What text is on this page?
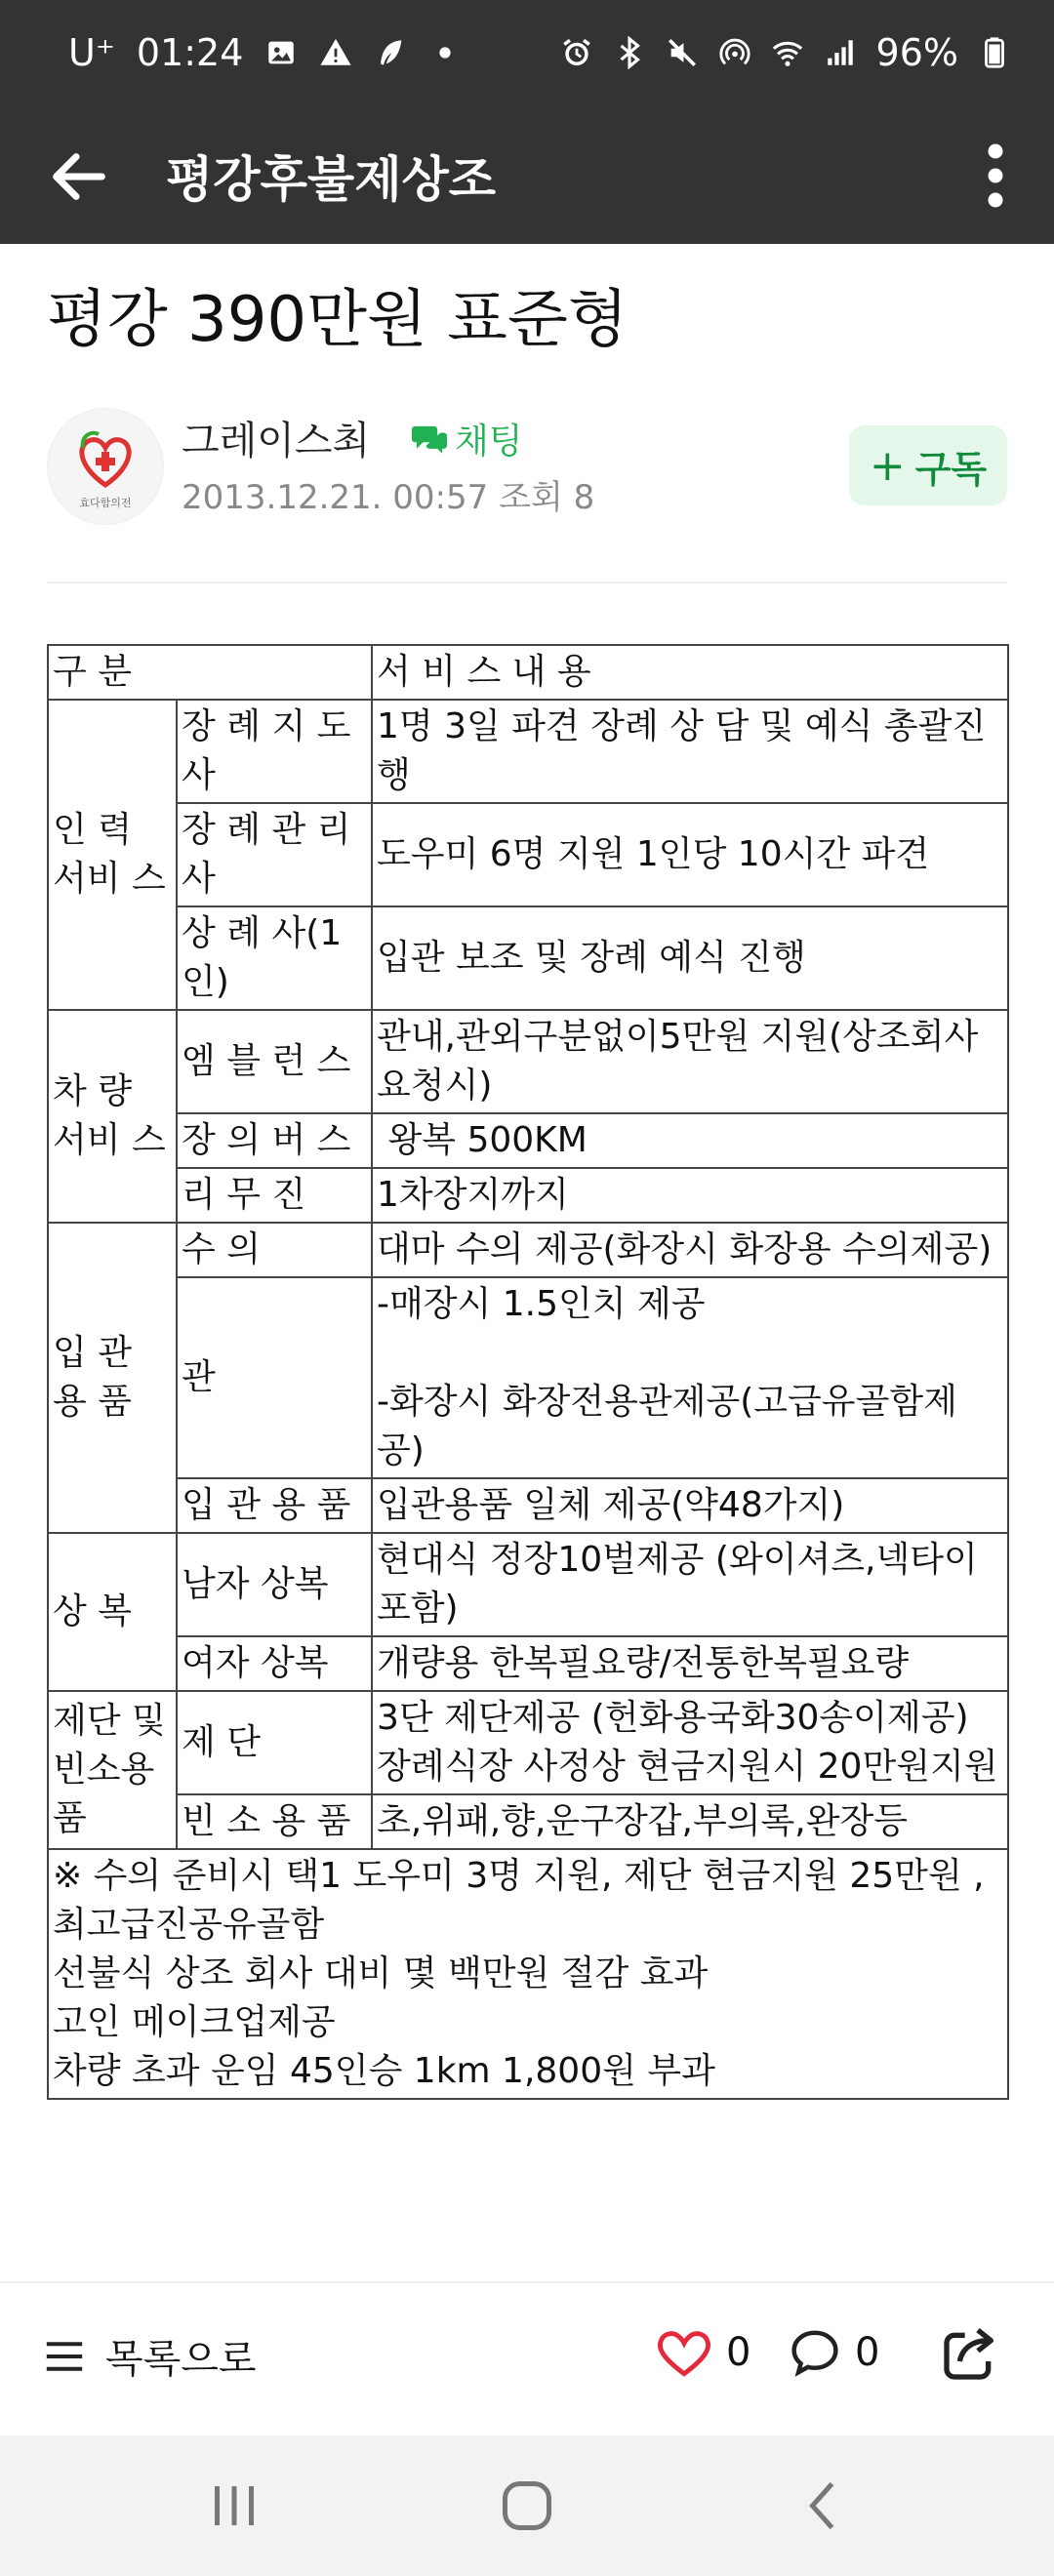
U⁺ 01:24	96%
평강후불제상조
평강 390만원 표준형
효다함의전
그레이스최 채팅
2013.12.21. 00:57 조회 8
+ 구독
구 분		서 비 스 내 용
인 력 서비 스	장 례 지 도 사	1명 3일 파견 장례 상 담 및 예식 총괄진행
	장 례 관 리 사	도우미 6명 지원 1인당 10시간 파견
	상 례 사(1인)	입관 보조 및 장례 예식 진행
차 량 서비 스	엠 블 런 스	관내,관외구분없이5만원 지원(상조회사 요청시)
	장 의 버 스	왕복 500KM
	리 무 진	1차장지까지
입 관 용 품	수 의	대마 수의 제공(화장시 화장용 수의제공)
	관	-매장시 1.5인치 제공
-화장시 화장전용관제공(고급유골함제공)

	입 관 용 품	입관용품 일체 제공(약48가지)
상 복	남자 상복	현대식 정장10벌제공 (와이셔츠,넥타이포함)
	여자 상복	개량용 한복필요량/전통한복필요량
제단 및 빈소용품	제 단	3단 제단제공 (헌화용국화30송이제공)
장례식장 사정상 현금지원시 20만원지원

	빈 소 용 품	초,위패,향,운구장갑,부의록,완장등

※ 수의 준비시 택1 도우미 3명 지원, 제단 현금지원 25만원 , 최고급진공유골함
선불식 상조 회사 대비 몇 백만원 절감 효과
고인 메이크업제공
차량 초과 운임 45인승 1km 1,800원 부과		
목록으로	0	0
